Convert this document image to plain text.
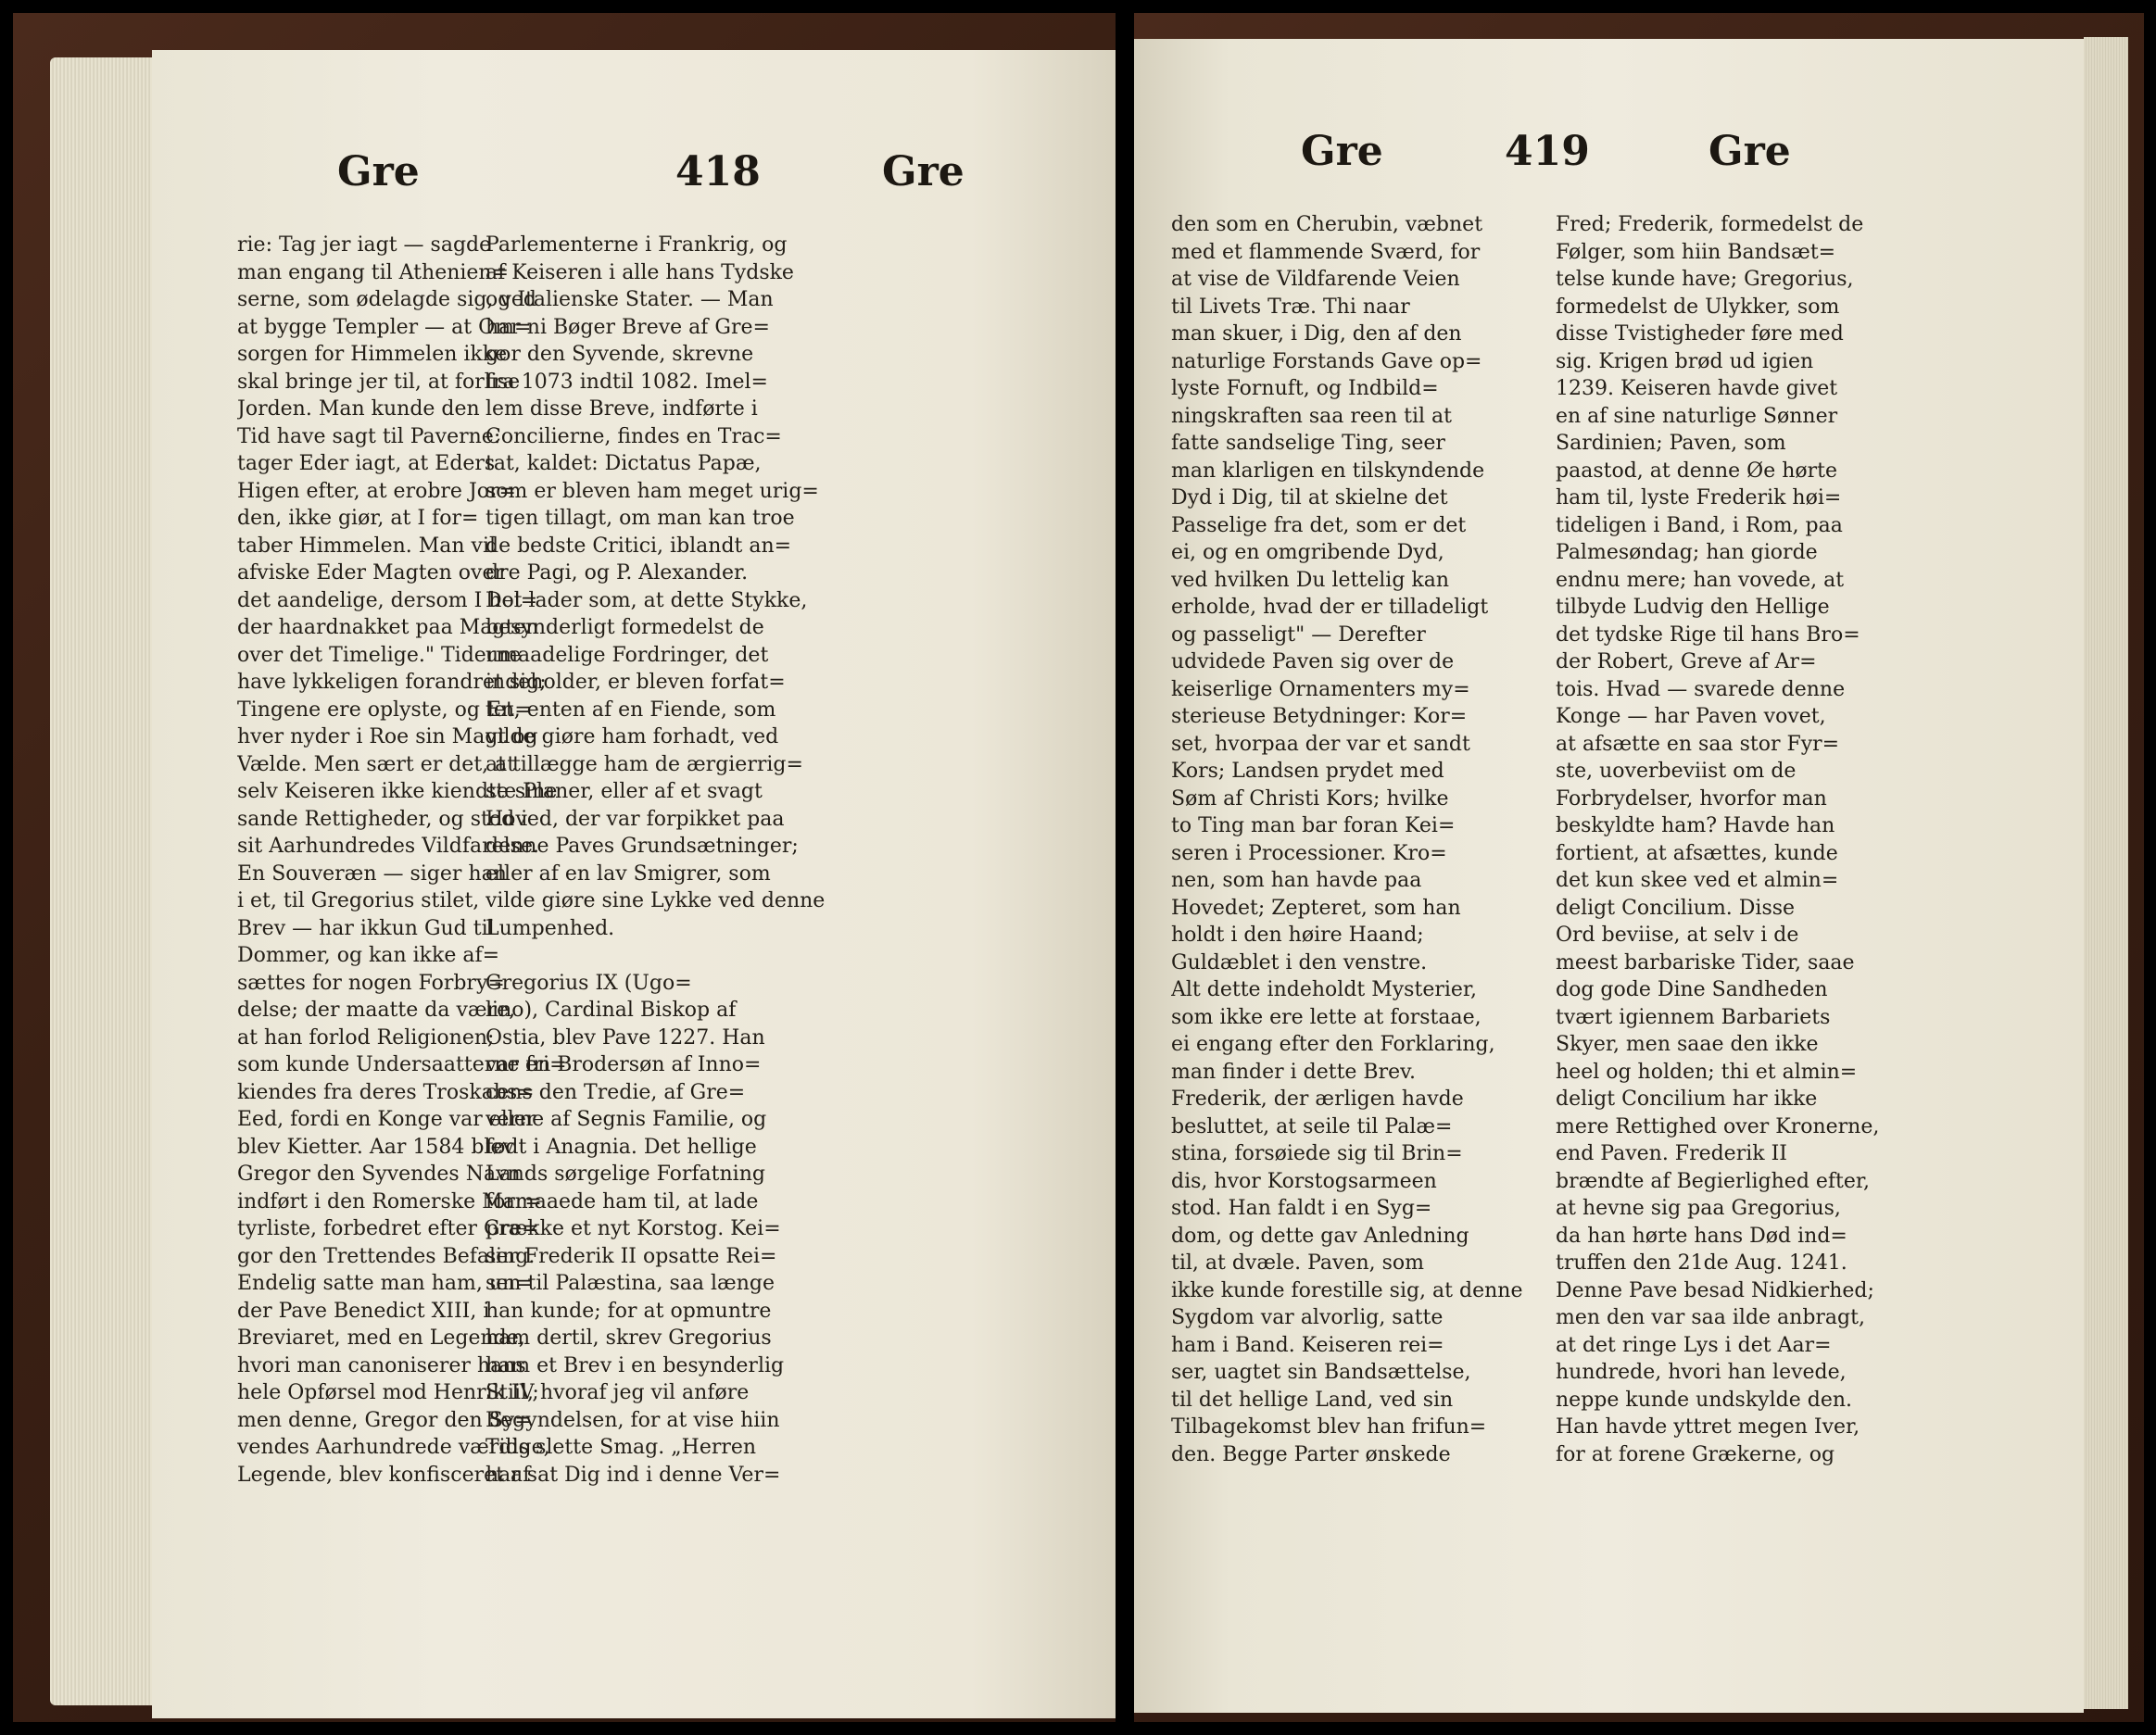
Gre	418	Gre
rie: Tag jer iagt — sagde
man engang til Athenien=
serne, som ødelagde sig, ved
at bygge Templer — at Om=
sorgen for Himmelen ikke
skal bringe jer til, at forlise
Jorden. Man kunde den
Tid have sagt til Paverne:
tager Eder iagt, at Eders
Higen efter, at erobre Jor=
den, ikke giør, at I for=
taber Himmelen. Man vil
afviske Eder Magten over
det aandelige, dersom I hol=
der haardnakket paa Magten
over det Timelige." Tiderne
have lykkeligen forandret sig;
Tingene ere oplyste, og En=
hver nyder i Roe sin Magt og
Vælde. Men sært er det, at
selv Keiseren ikke kiendte sine
sande Rettigheder, og stod i
sit Aarhundredes Vildfarelse.
En Souveræn — siger han
i et, til Gregorius stilet,
Brev — har ikkun Gud til
Dommer, og kan ikke af=
sættes for nogen Forbry=
delse; der maatte da være,
at han forlod Religionen;
som kunde Undersaatterne fri=
kiendes fra deres Troskabs=
Eed, fordi en Konge var eller
blev Kietter. Aar 1584 blev
Gregor den Syvendes Navn
indført i den Romerske Mar=
tyrliste, forbedret efter Gre=
gor den Trettendes Befaling.
Endelig satte man ham, un=
der Pave Benedict XIII, i
Breviaret, med en Legende,
hvori man canoniserer hans
hele Opførsel mod Henrik IV;
men denne, Gregor den Sy=
vendes Aarhundrede værdige,
Legende, blev konfisceret af
Parlementerne i Frankrig, og
af Keiseren i alle hans Tydske
og Italienske Stater. — Man
har ni Bøger Breve af Gre=
gor den Syvende, skrevne
fra 1073 indtil 1082. Imel=
lem disse Breve, indførte i
Concilierne, findes en Trac=
tat, kaldet: Dictatus Papæ,
som er bleven ham meget urig=
tigen tillagt, om man kan troe
de bedste Critici, iblandt an=
dre Pagi, og P. Alexander.
Det lader som, at dette Stykke,
besynderligt formedelst de
umaadelige Fordringer, det
indeholder, er bleven forfat=
tet, enten af en Fiende, som
vilde giøre ham forhadt, ved
at tillægge ham de ærgierrig=
ste Planer, eller af et svagt
Hoved, der var forpikket paa
denne Paves Grundsætninger;
eller af en lav Smigrer, som
vilde giøre sine Lykke ved denne
Lumpenhed.

Gregorius IX (Ugo=
lino), Cardinal Biskop af
Ostia, blev Pave 1227. Han
var en Brodersøn af Inno=
cens den Tredie, af Gre=
verne af Segnis Familie, og
født i Anagnia. Det hellige
Lands sørgelige Forfatning
formaaede ham til, at lade
prække et nyt Korstog. Kei=
ser Frederik II opsatte Rei=
sen til Palæstina, saa længe
han kunde; for at opmuntre
ham dertil, skrev Gregorius
ham et Brev i en besynderlig
Stiil, hvoraf jeg vil anføre
Begyndelsen, for at vise hiin
Tids slette Smag. „Herren
har sat Dig ind i denne Ver=
Gre	419	Gre
den som en Cherubin, væbnet
med et flammende Sværd, for
at vise de Vildfarende Veien
til Livets Træ. Thi naar
man skuer, i Dig, den af den
naturlige Forstands Gave op=
lyste Fornuft, og Indbild=
ningskraften saa reen til at
fatte sandselige Ting, seer
man klarligen en tilskyndende
Dyd i Dig, til at skielne det
Passelige fra det, som er det
ei, og en omgribende Dyd,
ved hvilken Du lettelig kan
erholde, hvad der er tilladeligt
og passeligt" — Derefter
udvidede Paven sig over de
keiserlige Ornamenters my=
sterieuse Betydninger: Kor=
set, hvorpaa der var et sandt
Kors; Landsen prydet med
Søm af Christi Kors; hvilke
to Ting man bar foran Kei=
seren i Processioner. Kro=
nen, som han havde paa
Hovedet; Zepteret, som han
holdt i den høire Haand;
Guldæblet i den venstre.
Alt dette indeholdt Mysterier,
som ikke ere lette at forstaae,
ei engang efter den Forklaring,
man finder i dette Brev.
Frederik, der ærligen havde
besluttet, at seile til Palæ=
stina, forsøiede sig til Brin=
dis, hvor Korstogsarmeen
stod. Han faldt i en Syg=
dom, og dette gav Anledning
til, at dvæle. Paven, som
ikke kunde forestille sig, at denne
Sygdom var alvorlig, satte
ham i Band. Keiseren rei=
ser, uagtet sin Bandsættelse,
til det hellige Land, ved sin
Tilbagekomst blev han frifun=
den. Begge Parter ønskede
Fred; Frederik, formedelst de
Følger, som hiin Bandsæt=
telse kunde have; Gregorius,
formedelst de Ulykker, som
disse Tvistigheder føre med
sig. Krigen brød ud igien
1239. Keiseren havde givet
en af sine naturlige Sønner
Sardinien; Paven, som
paastod, at denne Øe hørte
ham til, lyste Frederik høi=
tideligen i Band, i Rom, paa
Palmesøndag; han giorde
endnu mere; han vovede, at
tilbyde Ludvig den Hellige
det tydske Rige til hans Bro=
der Robert, Greve af Ar=
tois. Hvad — svarede denne
Konge — har Paven vovet,
at afsætte en saa stor Fyr=
ste, uoverbeviist om de
Forbrydelser, hvorfor man
beskyldte ham? Havde han
fortient, at afsættes, kunde
det kun skee ved et almin=
deligt Concilium. Disse
Ord beviise, at selv i de
meest barbariske Tider, saae
dog gode Dine Sandheden
tvært igiennem Barbariets
Skyer, men saae den ikke
heel og holden; thi et almin=
deligt Concilium har ikke
mere Rettighed over Kronerne,
end Paven. Frederik II
brændte af Begierlighed efter,
at hevne sig paa Gregorius,
da han hørte hans Død ind=
truffen den 21de Aug. 1241.
Denne Pave besad Nidkierhed;
men den var saa ilde anbragt,
at det ringe Lys i det Aar=
hundrede, hvori han levede,
neppe kunde undskylde den.
Han havde yttret megen Iver,
for at forene Grækerne, og
